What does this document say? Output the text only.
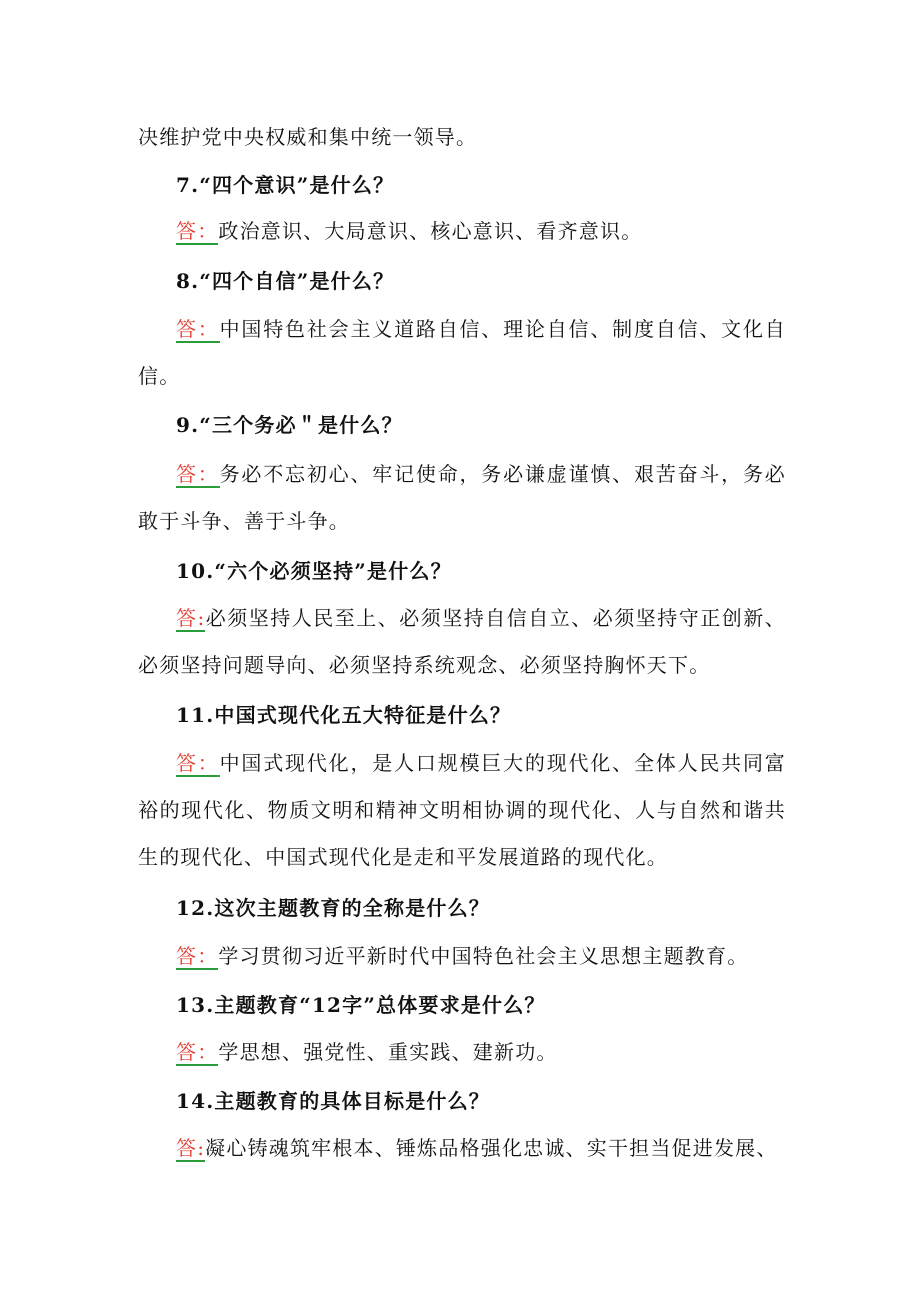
决维护党中央权威和集中统一领导。
7.“四个意识”是什么？
答：政治意识、大局意识、核心意识、看齐意识。
8.“四个自信”是什么？
答：中国特色社会主义道路自信、理论自信、制度自信、文化自信。
9.“三个务必＂是什么？
答：务必不忘初心、牢记使命，务必谦虚谨慎、艰苦奋斗，务必敢于斗争、善于斗争。
10.“六个必须坚持”是什么？
答:必须坚持人民至上、必须坚持自信自立、必须坚持守正创新、必须坚持问题导向、必须坚持系统观念、必须坚持胸怀天下。
11.中国式现代化五大特征是什么？
答：中国式现代化，是人口规模巨大的现代化、全体人民共同富裕的现代化、物质文明和精神文明相协调的现代化、人与自然和谐共生的现代化、中国式现代化是走和平发展道路的现代化。
12.这次主题教育的全称是什么？
答：学习贯彻习近平新时代中国特色社会主义思想主题教育。
13.主题教育“12字”总体要求是什么？
答：学思想、强党性、重实践、建新功。
14.主题教育的具体目标是什么？
答:凝心铸魂筑牢根本、锤炼品格强化忠诚、实干担当促进发展、
